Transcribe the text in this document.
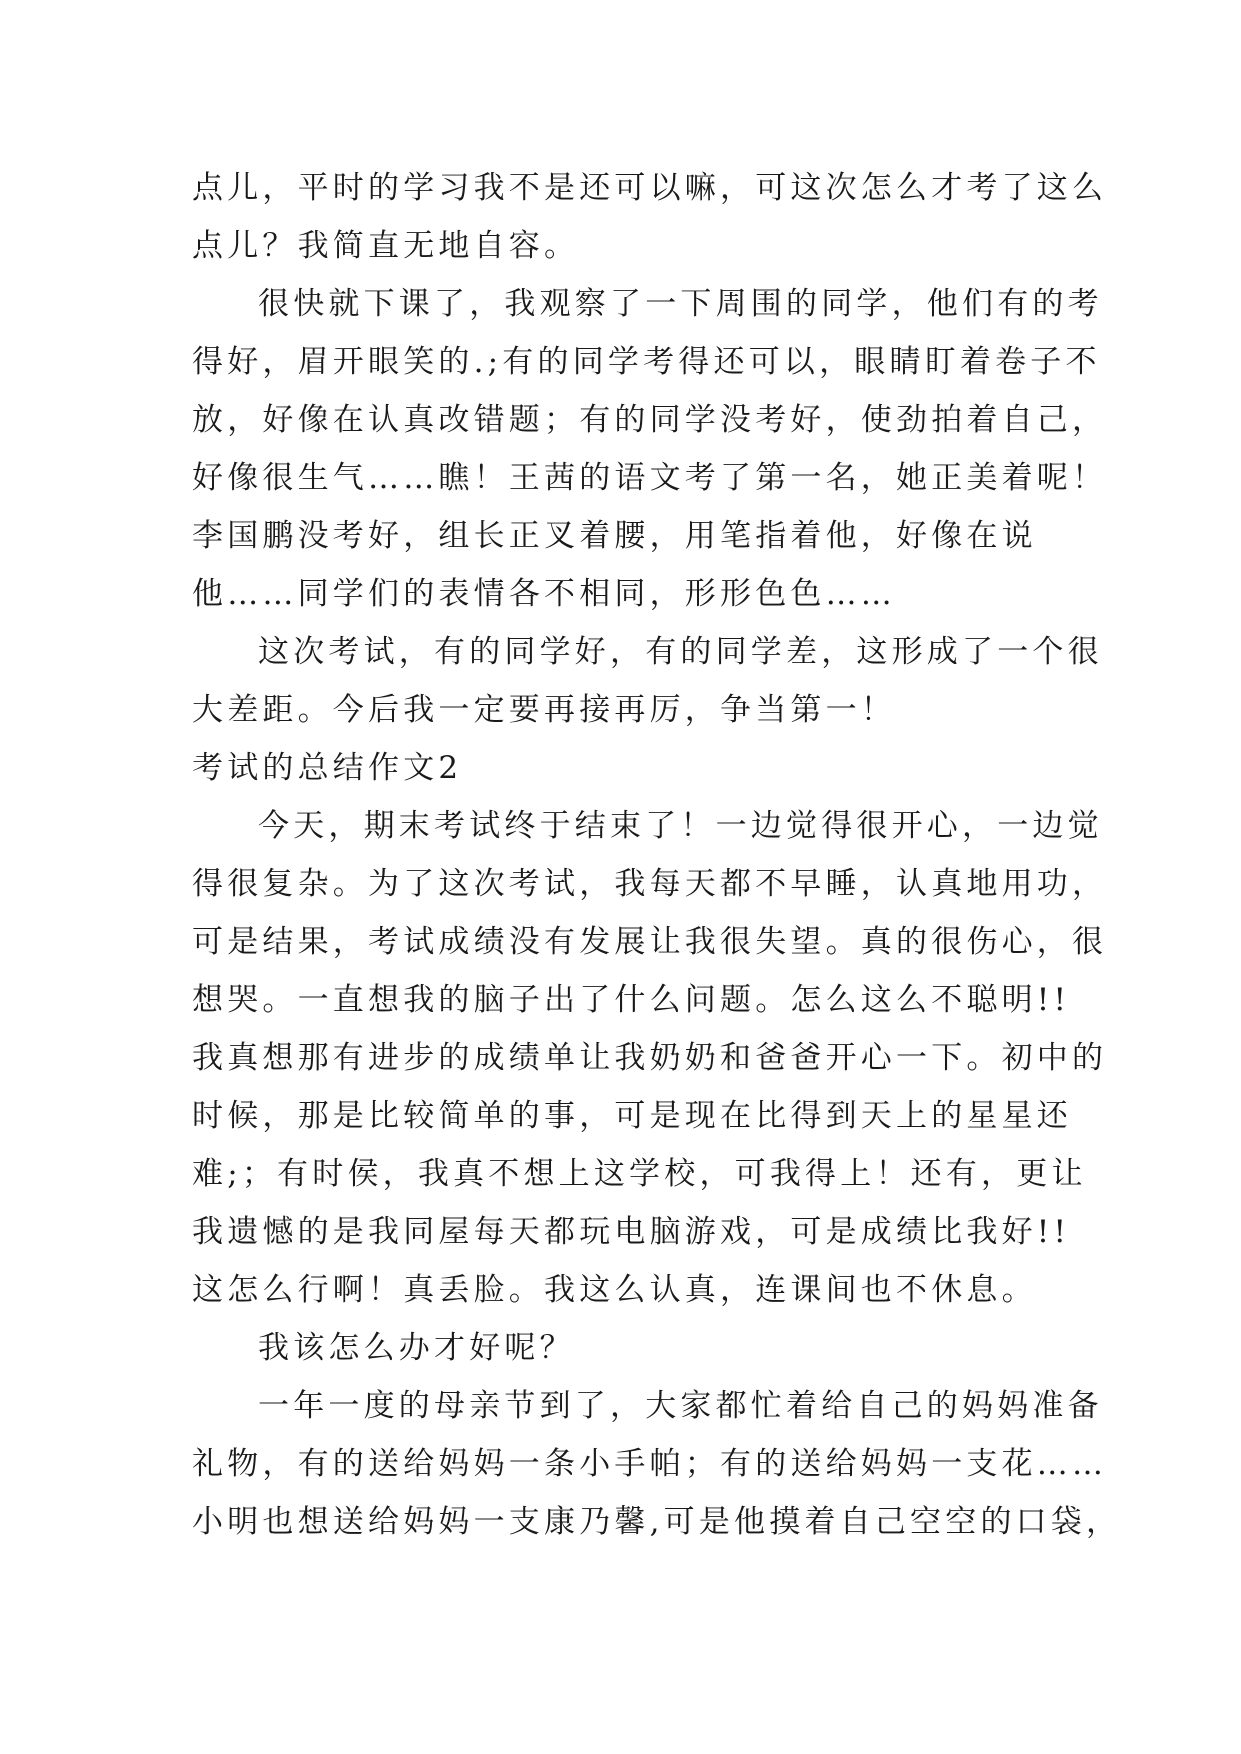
点儿，平时的学习我不是还可以嘛，可这次怎么才考了这么
点儿？我简直无地自容。
很快就下课了，我观察了一下周围的同学，他们有的考
得好，眉开眼笑的.;有的同学考得还可以，眼睛盯着卷子不
放，好像在认真改错题；有的同学没考好，使劲拍着自己，
好像很生气……瞧！王茜的语文考了第一名，她正美着呢！
李国鹏没考好，组长正叉着腰，用笔指着他，好像在说
他……同学们的表情各不相同，形形色色……
这次考试，有的同学好，有的同学差，这形成了一个很
大差距。今后我一定要再接再厉，争当第一！
考试的总结作文2
今天，期末考试终于结束了！一边觉得很开心，一边觉
得很复杂。为了这次考试，我每天都不早睡，认真地用功，
可是结果，考试成绩没有发展让我很失望。真的很伤心，很
想哭。一直想我的脑子出了什么问题。怎么这么不聪明!!
我真想那有进步的成绩单让我奶奶和爸爸开心一下。初中的
时候，那是比较简单的事，可是现在比得到天上的星星还
难;；有时侯，我真不想上这学校，可我得上！还有，更让
我遗憾的是我同屋每天都玩电脑游戏，可是成绩比我好!!
这怎么行啊！真丢脸。我这么认真，连课间也不休息。
我该怎么办才好呢？
一年一度的母亲节到了，大家都忙着给自己的妈妈准备
礼物，有的送给妈妈一条小手帕；有的送给妈妈一支花……
小明也想送给妈妈一支康乃馨,可是他摸着自己空空的口袋，
